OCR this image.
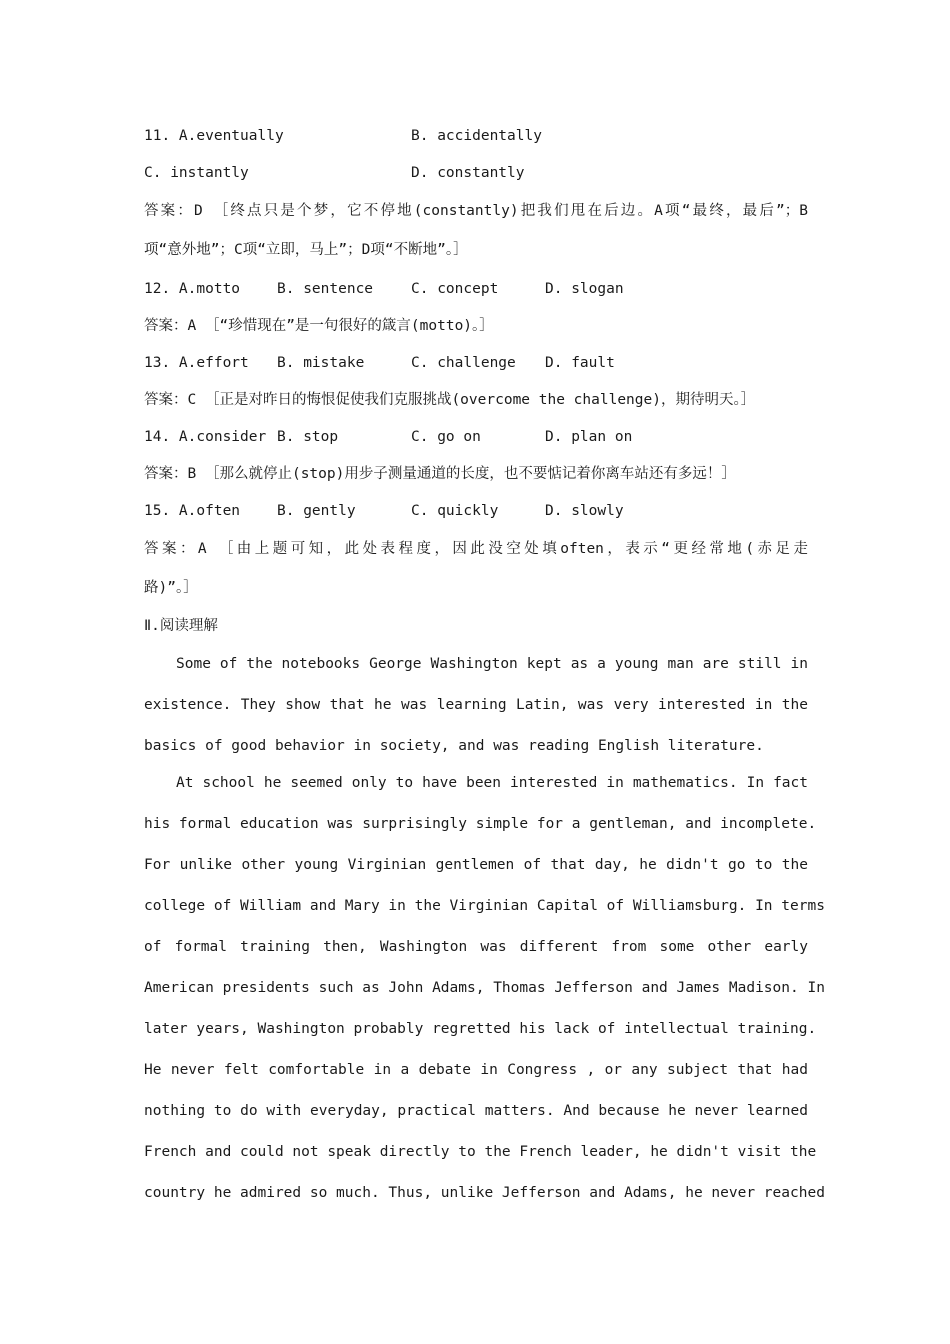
11. A.eventually	B. accidentally
C. instantly	D. constantly
答案：D ［终点只是个梦，它不停地(constantly)把我们甩在后边。A项“最终，最后”；B
项“意外地”；C项“立即，马上”；D项“不断地”。］
12. A.motto	B. sentence	C. concept	D. slogan
答案：A ［“珍惜现在”是一句很好的箴言(motto)。］
13. A.effort B. mistake	C. challenge D. fault
答案：C ［正是对昨日的悔恨促使我们克服挑战(overcome the challenge)，期待明天。］
14. A.consider B. stop	C. go on	D. plan on
答案：B ［那么就停止(stop)用步子测量通道的长度，也不要惦记着你离车站还有多远！］
15. A.often	B. gently	C. quickly	D. slowly
答案：A ［由上题可知，此处表程度，因此没空处填often，表示“更经常地(赤足走
路)”。］
Ⅱ.阅读理解
Some of the notebooks George Washington kept as a young man are still in
existence. They show that he was learning Latin, was very interested in the
basics of good behavior in society, and was reading English literature.
At school he seemed only to have been interested in mathematics. In fact
his formal education was surprisingly simple for a gentleman, and incomplete.
For unlike other young Virginian gentlemen of that day, he didn't go to the
college of William and Mary in the Virginian Capital of Williamsburg. In terms
of formal training then, Washington was different from some other early
American presidents such as John Adams, Thomas Jefferson and James Madison. In
later years, Washington probably regretted his lack of intellectual training.
He never felt comfortable in a debate in Congress , or any subject that had
nothing to do with everyday, practical matters. And because he never learned
French and could not speak directly to the French leader, he didn't visit the
country he admired so much. Thus, unlike Jefferson and Adams, he never reached
